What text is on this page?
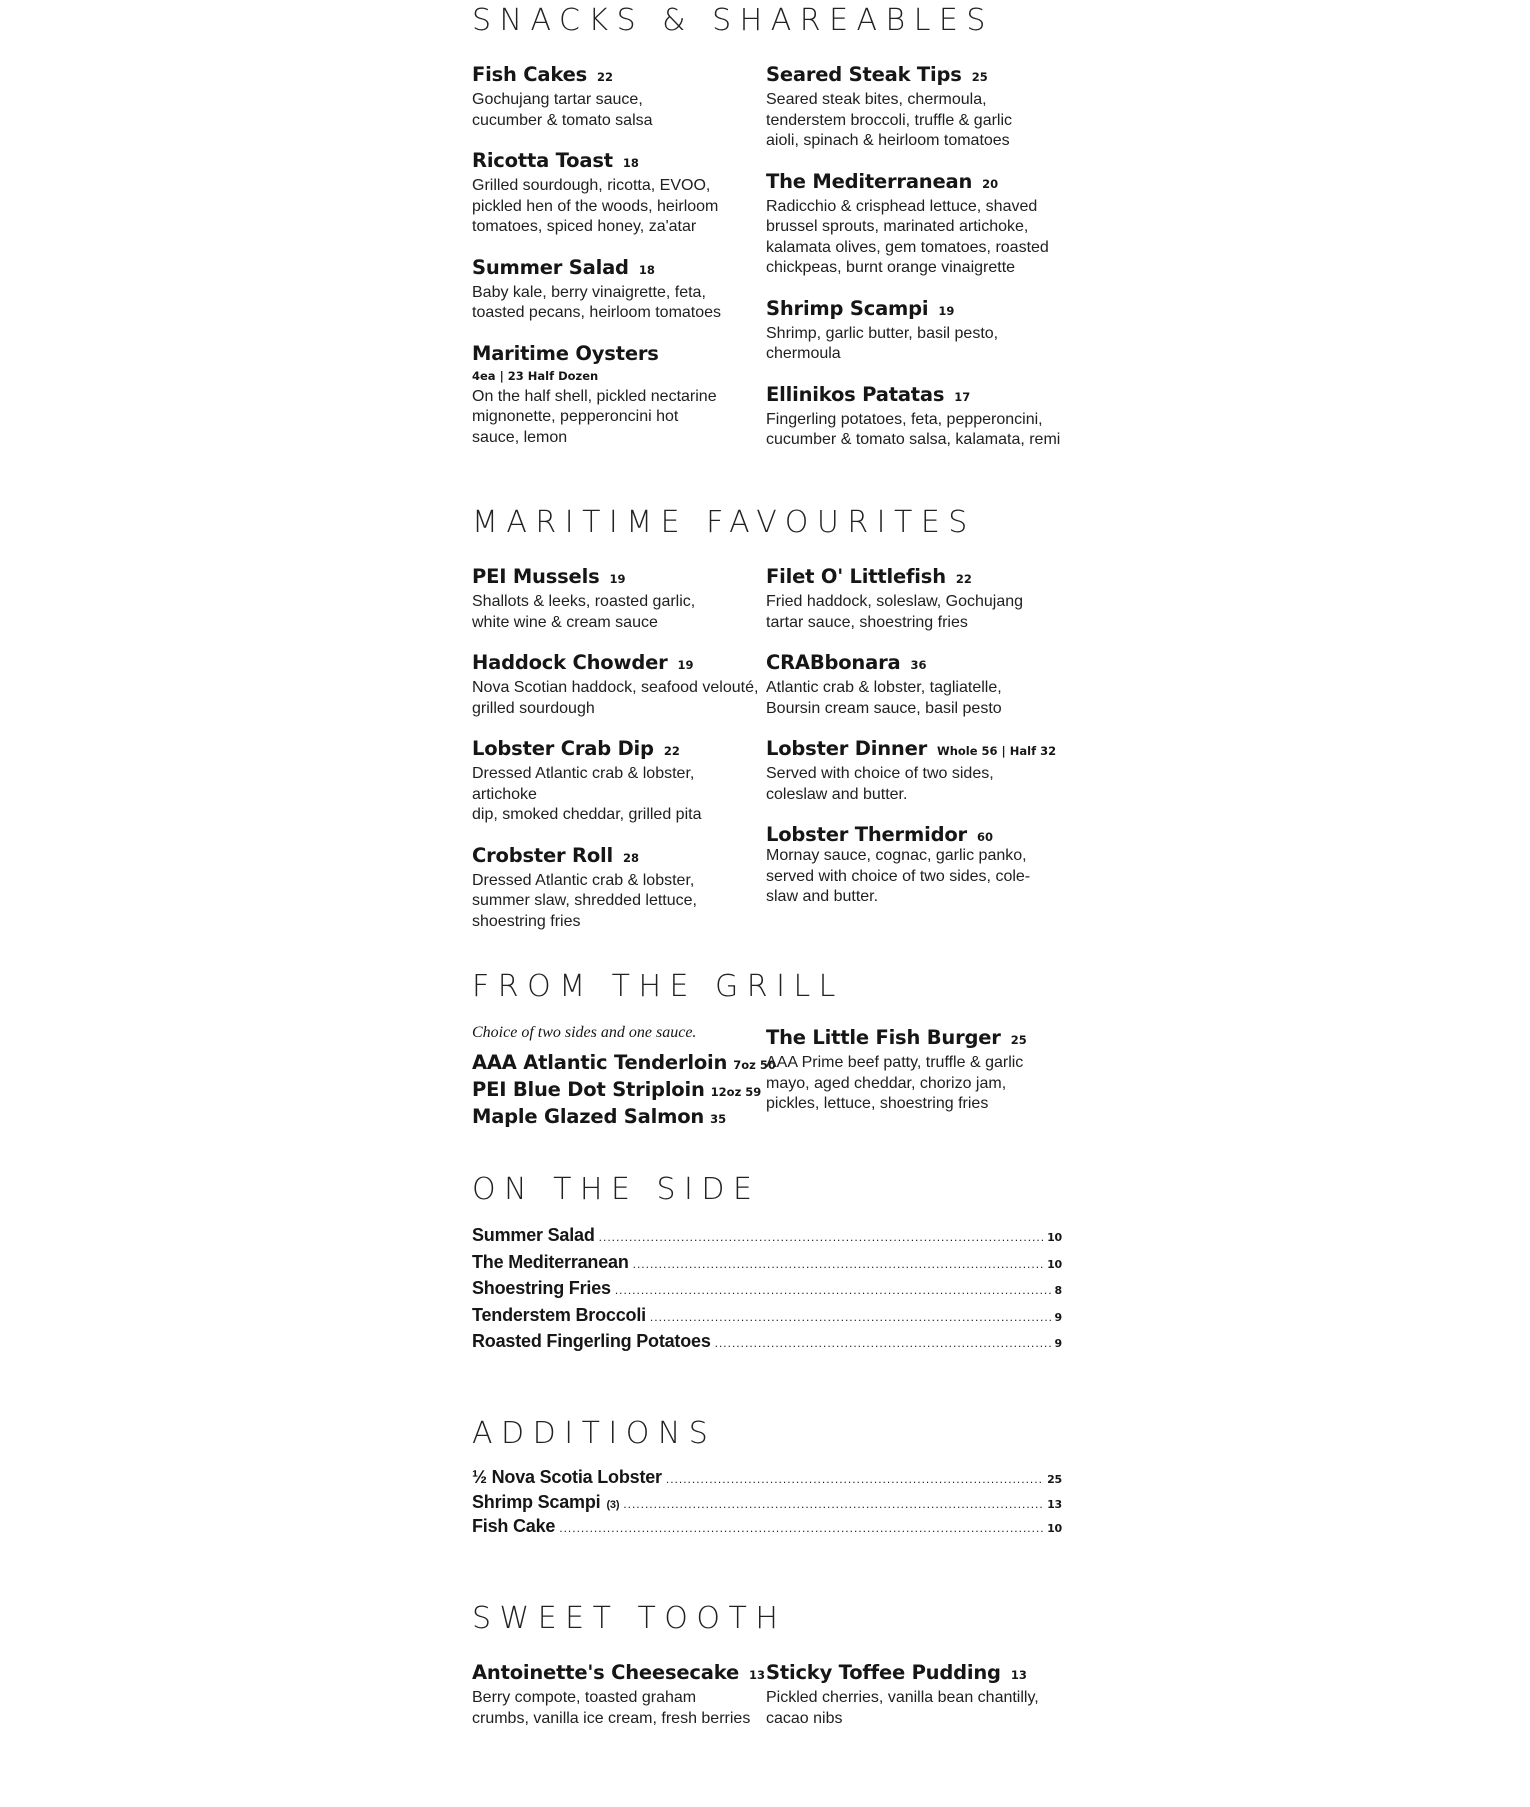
SNACKS & SHAREABLES
Fish Cakes 22
Gochujang tartar sauce,
cucumber & tomato salsa
Ricotta Toast 18
Grilled sourdough, ricotta, EVOO,
pickled hen of the woods, heirloom
tomatoes, spiced honey, za'atar
Summer Salad 18
Baby kale, berry vinaigrette, feta,
toasted pecans, heirloom tomatoes
Maritime Oysters
4ea | 23 Half Dozen
On the half shell, pickled nectarine
mignonette, pepperoncini hot
sauce, lemon
Seared Steak Tips 25
Seared steak bites, chermoula,
tenderstem broccoli, truffle & garlic
aioli, spinach & heirloom tomatoes
The Mediterranean 20
Radicchio & crisphead lettuce, shaved
brussel sprouts, marinated artichoke,
kalamata olives, gem tomatoes, roasted
chickpeas, burnt orange vinaigrette
Shrimp Scampi 19
Shrimp, garlic butter, basil pesto,
chermoula
Ellinikos Patatas 17
Fingerling potatoes, feta, pepperoncini,
cucumber & tomato salsa, kalamata, remi
MARITIME FAVOURITES
PEI Mussels 19
Shallots & leeks, roasted garlic,
white wine & cream sauce
Haddock Chowder 19
Nova Scotian haddock, seafood velouté,
grilled sourdough
Lobster Crab Dip 22
Dressed Atlantic crab & lobster, artichoke
dip, smoked cheddar, grilled pita
Crobster Roll 28
Dressed Atlantic crab & lobster,
summer slaw, shredded lettuce,
shoestring fries
Filet O' Littlefish 22
Fried haddock, soleslaw, Gochujang
tartar sauce, shoestring fries
CRABbonara 36
Atlantic crab & lobster, tagliatelle,
Boursin cream sauce, basil pesto
Lobster Dinner Whole 56 | Half 32
Served with choice of two sides,
coleslaw and butter.
Lobster Thermidor 60
Mornay sauce, cognac, garlic panko,
served with choice of two sides, cole-
slaw and butter.
FROM THE GRILL
Choice of two sides and one sauce.
AAA Atlantic Tenderloin 7oz 50
PEI Blue Dot Striploin 12oz 59
Maple Glazed Salmon 35
The Little Fish Burger 25
AAA Prime beef patty, truffle & garlic
mayo, aged cheddar, chorizo jam,
pickles, lettuce, shoestring fries
ON THE SIDE
Summer Salad .....	10
The Mediterranean .....	10
Shoestring Fries .....	8
Tenderstem Broccoli .....	9
Roasted Fingerling Potatoes .....	9
ADDITIONS
½ Nova Scotia Lobster .....	25
Shrimp Scampi (3) .....	13
Fish Cake .....	10
SWEET TOOTH
Antoinette's Cheesecake 13
Berry compote, toasted graham
crumbs, vanilla ice cream, fresh berries
Sticky Toffee Pudding 13
Pickled cherries, vanilla bean chantilly,
cacao nibs
